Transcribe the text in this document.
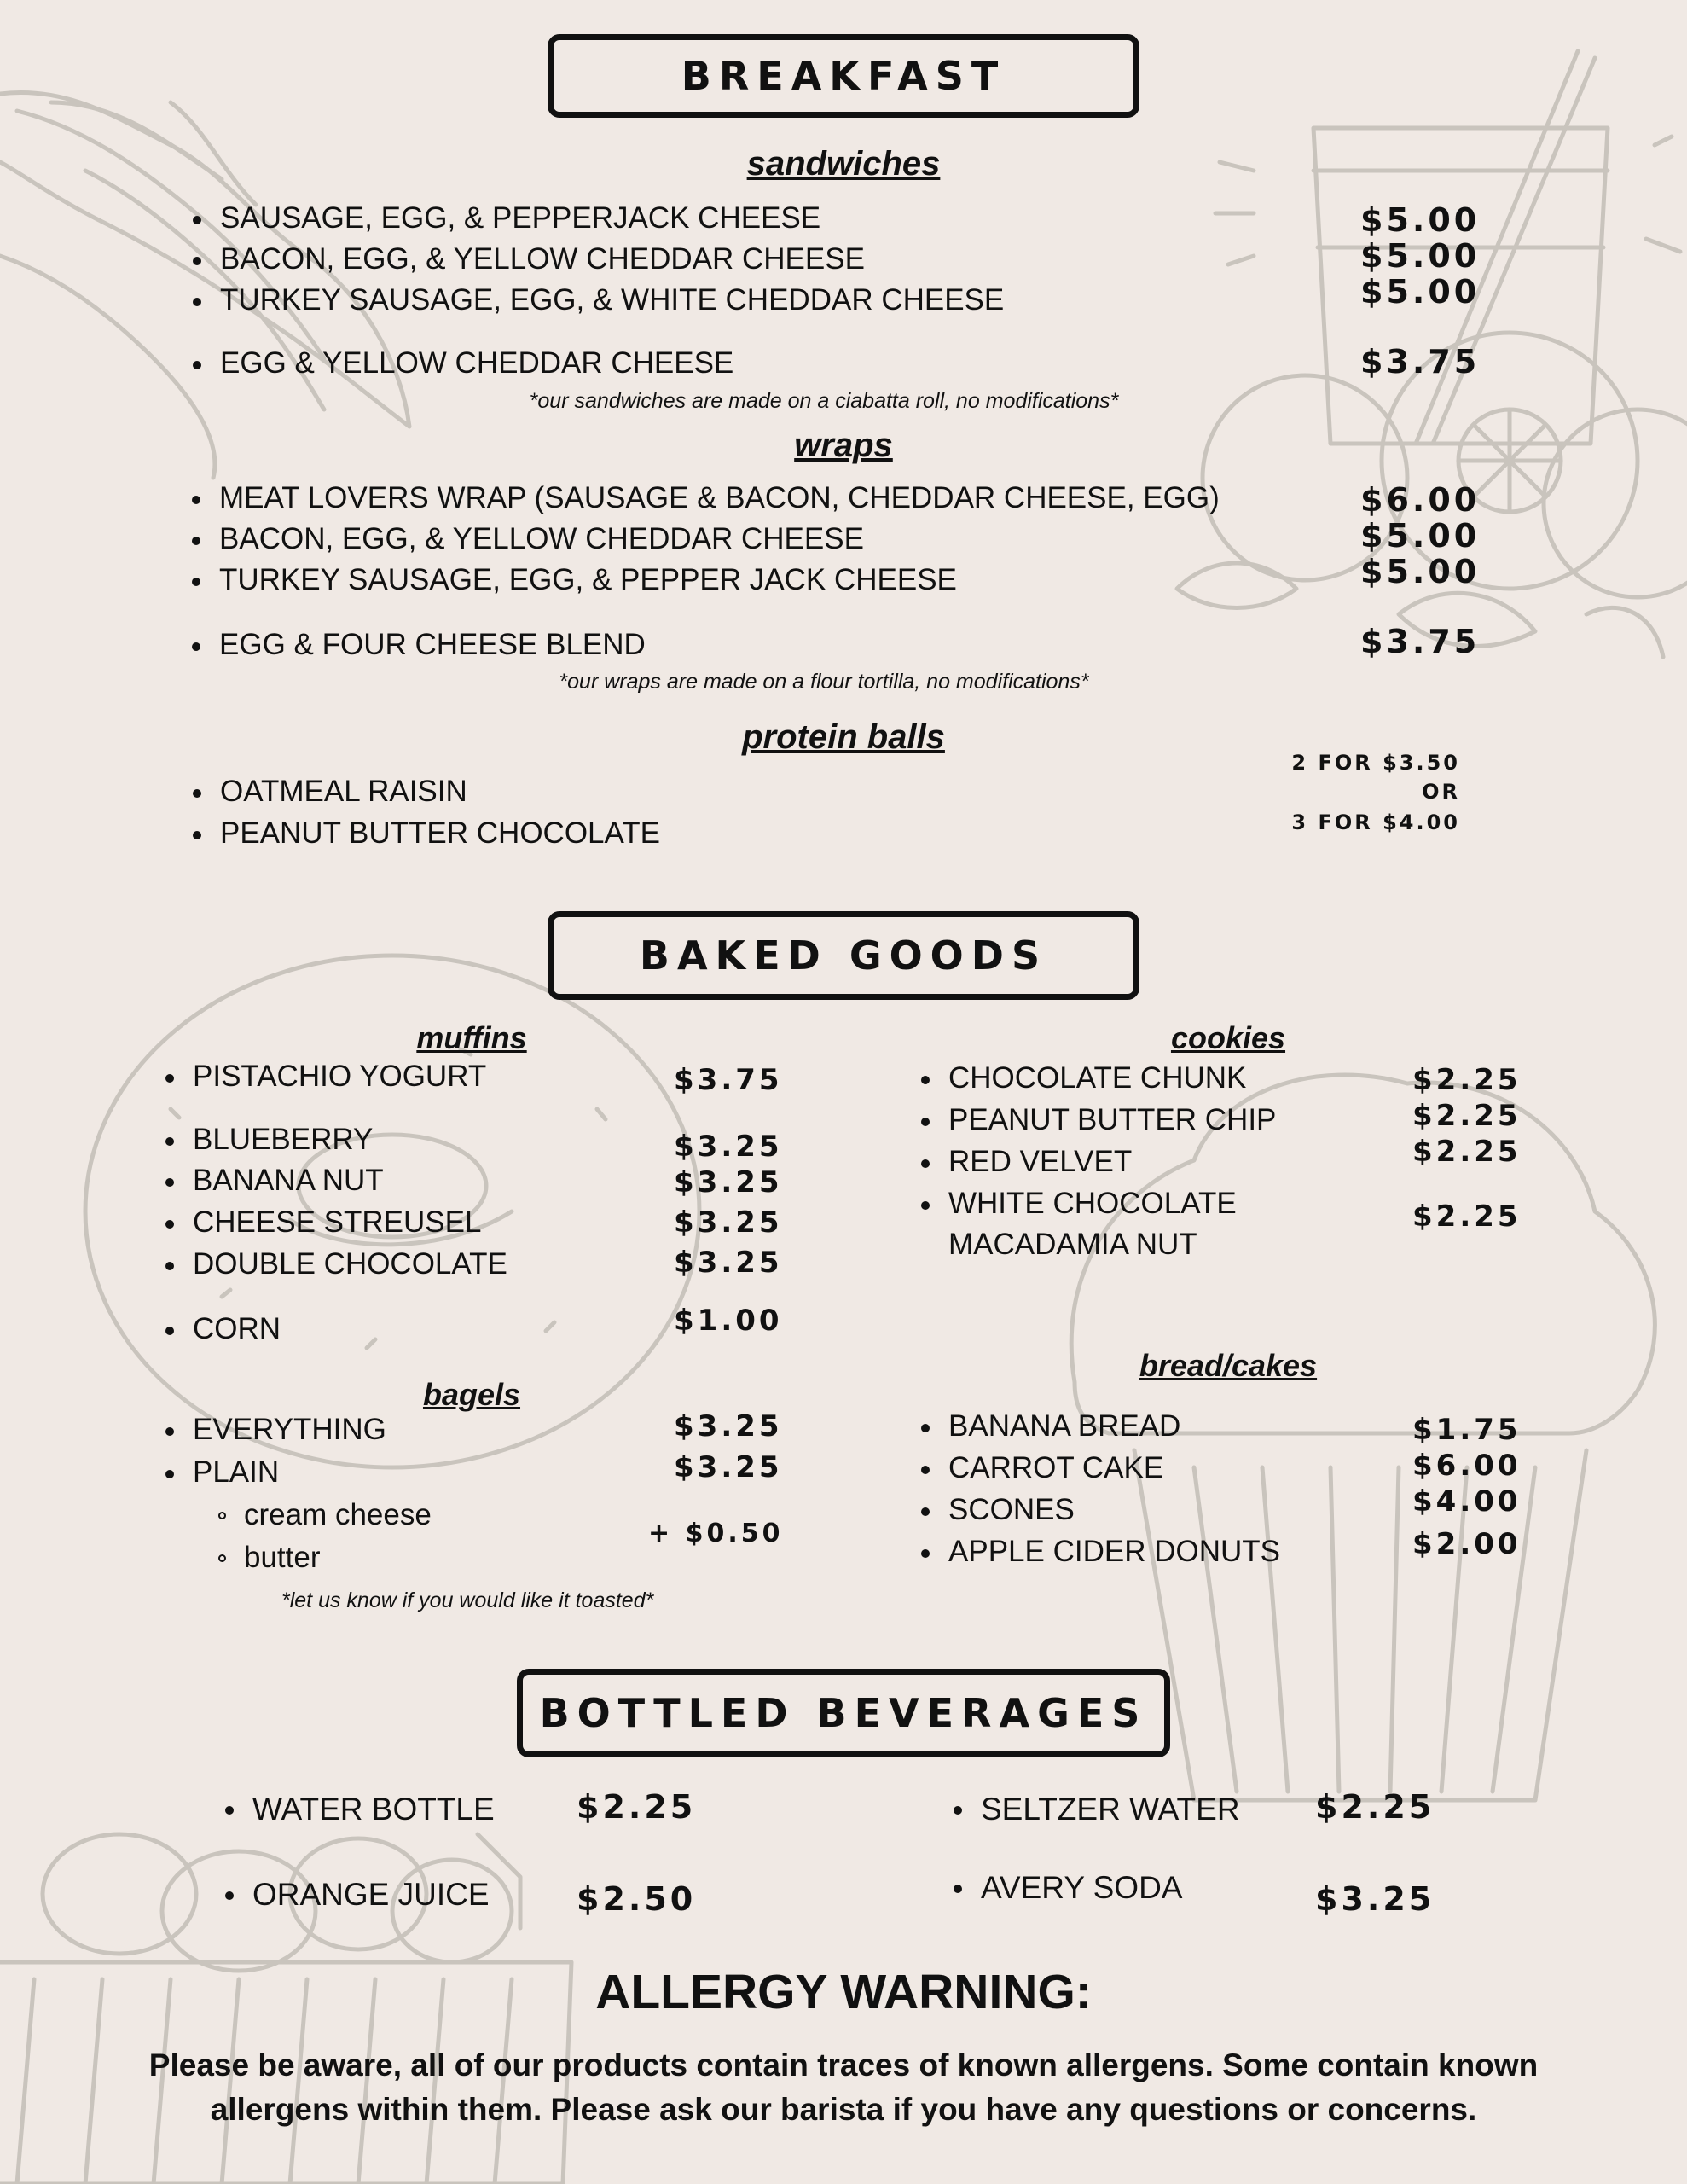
BREAKFAST
sandwiches
SAUSAGE, EGG, & PEPPERJACK CHEESE
BACON, EGG, & YELLOW CHEDDAR CHEESE
TURKEY SAUSAGE, EGG, & WHITE CHEDDAR CHEESE
EGG & YELLOW CHEDDAR CHEESE
$5.00
$5.00
$5.00
$3.75
*our sandwiches are made on a ciabatta roll, no modifications*
wraps
MEAT LOVERS WRAP (SAUSAGE & BACON, CHEDDAR CHEESE, EGG)
BACON, EGG, & YELLOW CHEDDAR CHEESE
TURKEY SAUSAGE, EGG, & PEPPER JACK CHEESE
EGG & FOUR CHEESE BLEND
$6.00
$5.00
$5.00
$3.75
*our wraps are made on a flour tortilla, no modifications*
protein balls
OATMEAL RAISIN
PEANUT BUTTER CHOCOLATE
2 FOR $3.50
OR
3 FOR $4.00
BAKED GOODS
muffins
PISTACHIO YOGURT
BLUEBERRY
BANANA NUT
CHEESE STREUSEL
DOUBLE CHOCOLATE
CORN
$3.75
$3.25
$3.25
$3.25
$3.25
$1.00
bagels
EVERYTHING
PLAIN
$3.25
$3.25
cream cheese
butter
+ $0.50
*let us know if you would like it toasted*
cookies
CHOCOLATE CHUNK
PEANUT BUTTER CHIP
RED VELVET
WHITE CHOCOLATE
MACADAMIA NUT
$2.25
$2.25
$2.25
$2.25
bread/cakes
BANANA BREAD
CARROT CAKE
SCONES
APPLE CIDER DONUTS
$1.75
$6.00
$4.00
$2.00
BOTTLED BEVERAGES
WATER BOTTLE
ORANGE JUICE
$2.25
$2.50
SELTZER WATER
AVERY SODA
$2.25
$3.25
ALLERGY WARNING:
Please be aware, all of our products contain traces of known allergens. Some contain known allergens within them. Please ask our barista if you have any questions or concerns.
